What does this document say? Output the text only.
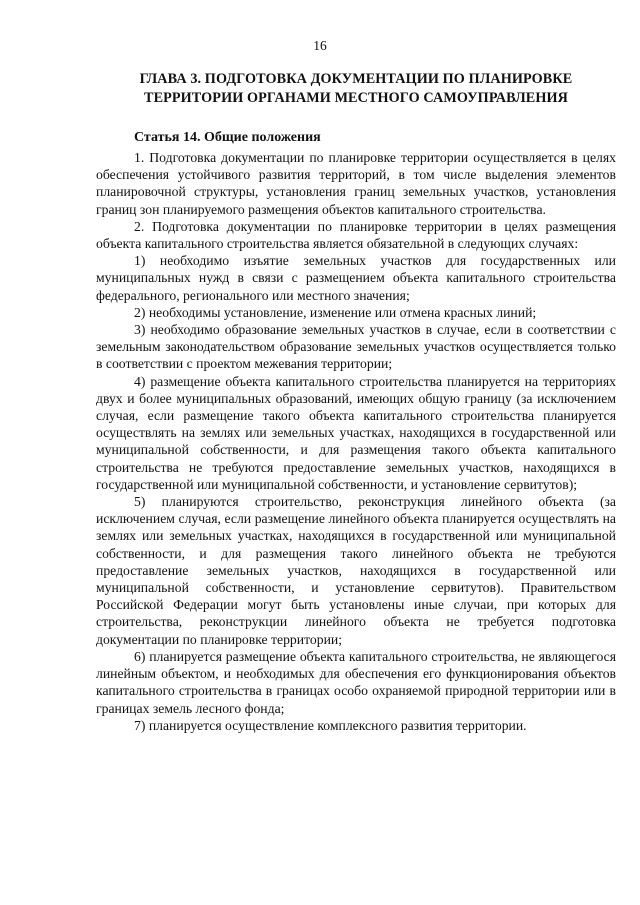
16
ГЛАВА 3. ПОДГОТОВКА ДОКУМЕНТАЦИИ ПО ПЛАНИРОВКЕ
ТЕРРИТОРИИ ОРГАНАМИ МЕСТНОГО САМОУПРАВЛЕНИЯ
Статья 14. Общие положения

1. Подготовка документации по планировке территории осуществляется в целях обеспечения устойчивого развития территорий, в том числе выделения элементов планировочной структуры, установления границ земельных участков, установления границ зон планируемого размещения объектов капитального строительства.

2. Подготовка документации по планировке территории в целях размещения объекта капитального строительства является обязательной в следующих случаях:

1) необходимо изъятие земельных участков для государственных или муниципальных нужд в связи с размещением объекта капитального строительства федерального, регионального или местного значения;

2) необходимы установление, изменение или отмена красных линий;

3) необходимо образование земельных участков в случае, если в соответствии с земельным законодательством образование земельных участков осуществляется только в соответствии с проектом межевания территории;

4) размещение объекта капитального строительства планируется на территориях двух и более муниципальных образований, имеющих общую границу (за исключением случая, если размещение такого объекта капитального строительства планируется осуществлять на землях или земельных участках, находящихся в государственной или муниципальной собственности, и для размещения такого объекта капитального строительства не требуются предоставление земельных участков, находящихся в государственной или муниципальной собственности, и установление сервитутов);

5) планируются строительство, реконструкция линейного объекта (за исключением случая, если размещение линейного объекта планируется осуществлять на землях или земельных участках, находящихся в государственной или муниципальной собственности, и для размещения такого линейного объекта не требуются предоставление земельных участков, находящихся в государственной или муниципальной собственности, и установление сервитутов). Правительством Российской Федерации могут быть установлены иные случаи, при которых для строительства, реконструкции линейного объекта не требуется подготовка документации по планировке территории;

6) планируется размещение объекта капитального строительства, не являющегося линейным объектом, и необходимых для обеспечения его функционирования объектов капитального строительства в границах особо охраняемой природной территории или в границах земель лесного фонда;

7) планируется осуществление комплексного развития территории.
